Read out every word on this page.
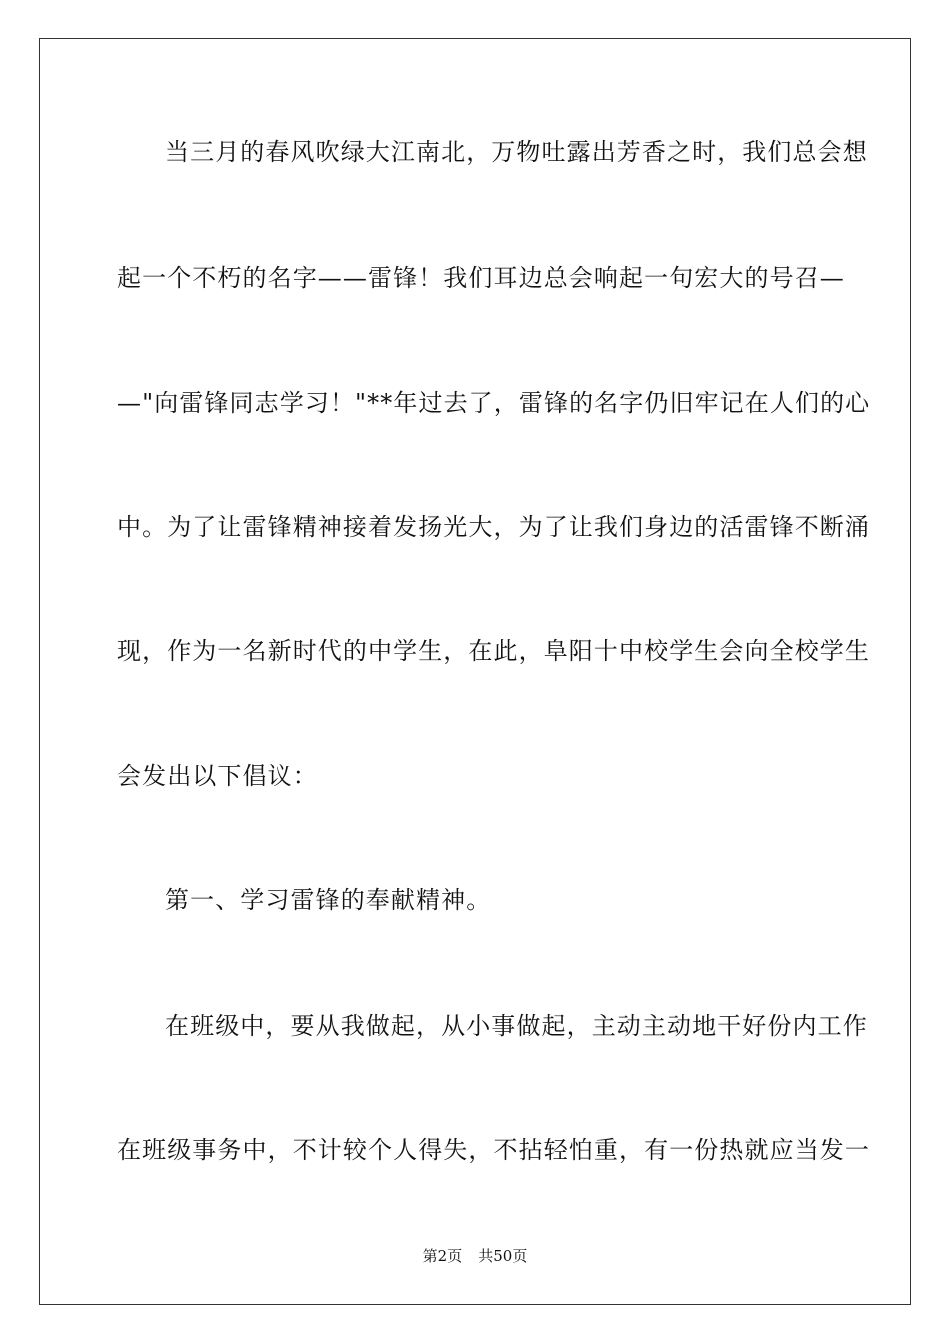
当三月的春风吹绿大江南北，万物吐露出芳香之时，我们总会想
起一个不朽的名字——雷锋！我们耳边总会响起一句宏大的号召—
—"向雷锋同志学习！"**年过去了，雷锋的名字仍旧牢记在人们的心
中。为了让雷锋精神接着发扬光大，为了让我们身边的活雷锋不断涌
现，作为一名新时代的中学生，在此，阜阳十中校学生会向全校学生
会发出以下倡议：
第一、学习雷锋的奉献精神。
在班级中，要从我做起，从小事做起，主动主动地干好份内工作
在班级事务中，不计较个人得失，不拈轻怕重，有一份热就应当发一
第2页 共50页
